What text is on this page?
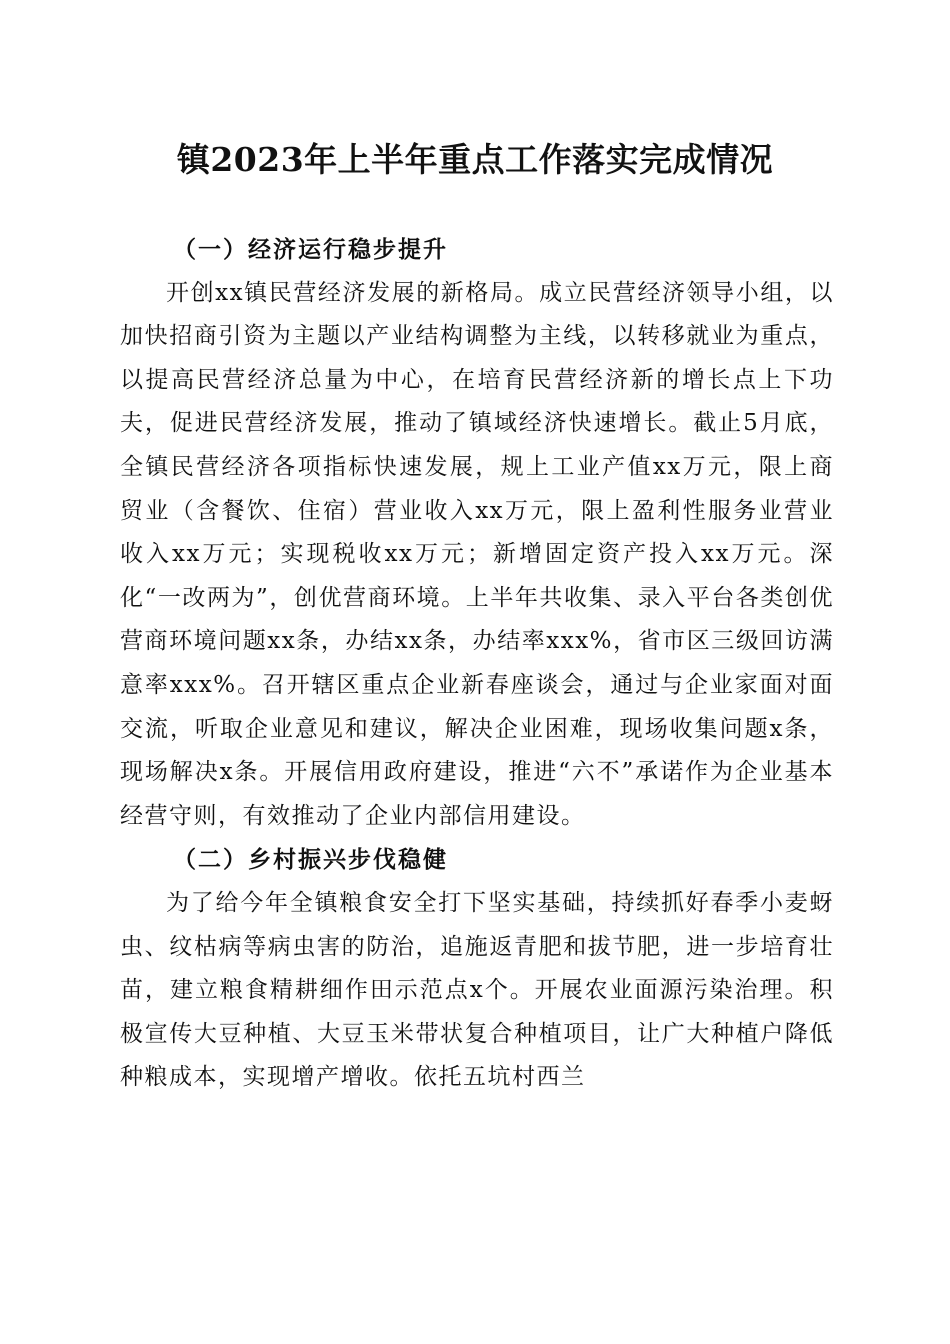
镇2023年上半年重点工作落实完成情况

（一）经济运行稳步提升

开创xx镇民营经济发展的新格局。成立民营经济领导小组，以加快招商引资为主题以产业结构调整为主线，以转移就业为重点，以提高民营经济总量为中心，在培育民营经济新的增长点上下功夫，促进民营经济发展，推动了镇域经济快速增长。截止5月底，全镇民营经济各项指标快速发展，规上工业产值xx万元，限上商贸业（含餐饮、住宿）营业收入xx万元，限上盈利性服务业营业收入xx万元；实现税收xx万元；新增固定资产投入xx万元。深化“一改两为”，创优营商环境。上半年共收集、录入平台各类创优营商环境问题xx条，办结xx条，办结率xxx%，省市区三级回访满意率xxx%。召开辖区重点企业新春座谈会，通过与企业家面对面交流，听取企业意见和建议，解决企业困难，现场收集问题x条，现场解决x条。开展信用政府建设，推进“六不”承诺作为企业基本经营守则，有效推动了企业内部信用建设。

（二）乡村振兴步伐稳健

为了给今年全镇粮食安全打下坚实基础，持续抓好春季小麦蚜虫、纹枯病等病虫害的防治，追施返青肥和拔节肥，进一步培育壮苗，建立粮食精耕细作田示范点x个。开展农业面源污染治理。积极宣传大豆种植、大豆玉米带状复合种植项目，让广大种植户降低种粮成本，实现增产增收。依托五坑村西兰
